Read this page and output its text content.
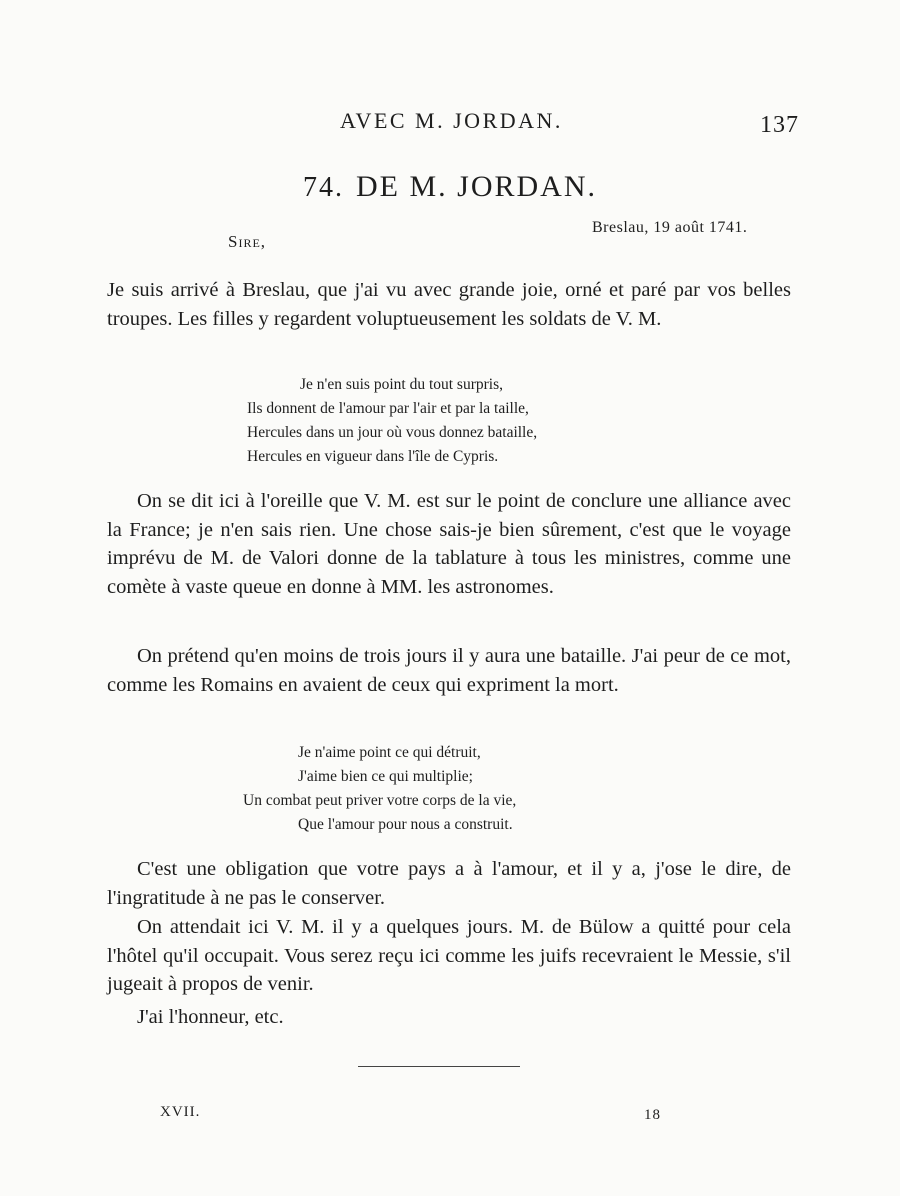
AVEC M. JORDAN.	137
74. DE M. JORDAN.
Breslau, 19 août 1741.
Sire,

Je suis arrivé à Breslau, que j'ai vu avec grande joie, orné et paré par vos belles troupes. Les filles y regardent voluptueusement les soldats de V. M.

Je n'en suis point du tout surpris,
Ils donnent de l'amour par l'air et par la taille,
Hercules dans un jour où vous donnez bataille,
Hercules en vigueur dans l'île de Cypris.

On se dit ici à l'oreille que V. M. est sur le point de conclure une alliance avec la France; je n'en sais rien. Une chose sais-je bien sûrement, c'est que le voyage imprévu de M. de Valori donne de la tablature à tous les ministres, comme une comète à vaste queue en donne à MM. les astronomes.

On prétend qu'en moins de trois jours il y aura une bataille. J'ai peur de ce mot, comme les Romains en avaient de ceux qui expriment la mort.

Je n'aime point ce qui détruit,
J'aime bien ce qui multiplie;
Un combat peut priver votre corps de la vie,
Que l'amour pour nous a construit.

C'est une obligation que votre pays a à l'amour, et il y a, j'ose le dire, de l'ingratitude à ne pas le conserver.

On attendait ici V. M. il y a quelques jours. M. de Bülow a quitté pour cela l'hôtel qu'il occupait. Vous serez reçu ici comme les juifs recevraient le Messie, s'il jugeait à propos de venir.

J'ai l'honneur, etc.
XVII.	18
